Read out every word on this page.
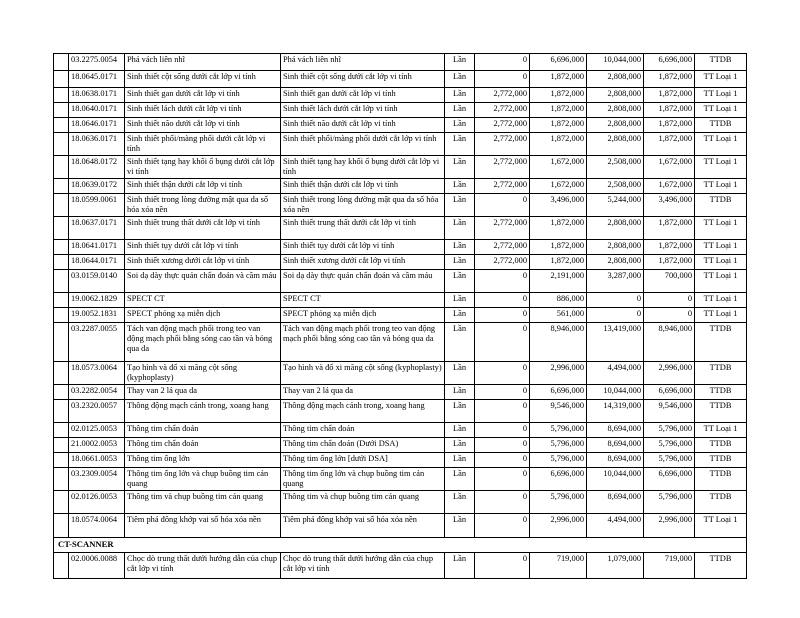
	03.2275.0054	Phá vách liên nhĩ	Phá vách liên nhĩ	Lần	0	6,696,000	10,044,000	6,696,000	TTDB
	18.0645.0171	Sinh thiết cột sống dưới cắt lớp vi tính	Sinh thiết cột sống dưới cắt lớp vi tính	Lần	0	1,872,000	2,808,000	1,872,000	TT Loại 1
	18.0638.0171	Sinh thiết gan dưới cắt lớp vi tính	Sinh thiết gan dưới cắt lớp vi tính	Lần	2,772,000	1,872,000	2,808,000	1,872,000	TT Loại 1
	18.0640.0171	Sinh thiết lách dưới cắt lớp vi tính	Sinh thiết lách dưới cắt lớp vi tính	Lần	2,772,000	1,872,000	2,808,000	1,872,000	TT Loại 1
	18.0646.0171	Sinh thiết não dưới cắt lớp vi tính	Sinh thiết não dưới cắt lớp vi tính	Lần	2,772,000	1,872,000	2,808,000	1,872,000	TTDB
	18.0636.0171	Sinh thiết phổi/màng phổi dưới cắt lớp vi tính	Sinh thiết phổi/màng phổi dưới cắt lớp vi tính	Lần	2,772,000	1,872,000	2,808,000	1,872,000	TT Loại 1
	18.0648.0172	Sinh thiết tạng hay khối ổ bụng dưới cắt lớp vi tính	Sinh thiết tạng hay khối ổ bụng dưới cắt lớp vi tính	Lần	2,772,000	1,672,000	2,508,000	1,672,000	TT Loại 1
	18.0639.0172	Sinh thiết thận dưới cắt lớp vi tính	Sinh thiết thận dưới cắt lớp vi tính	Lần	2,772,000	1,672,000	2,508,000	1,672,000	TT Loại 1
	18.0599.0061	Sinh thiết trong lòng đường mật qua da số hóa xóa nền	Sinh thiết trong lòng đường mật qua da số hóa xóa nền	Lần	0	3,496,000	5,244,000	3,496,000	TTDB
	18.0637.0171	Sinh thiết trung thất dưới cắt lớp vi tính	Sinh thiết trung thất dưới cắt lớp vi tính	Lần	2,772,000	1,872,000	2,808,000	1,872,000	TT Loại 1
	18.0641.0171	Sinh thiết tụy dưới cắt lớp vi tính	Sinh thiết tụy dưới cắt lớp vi tính	Lần	2,772,000	1,872,000	2,808,000	1,872,000	TT Loại 1
	18.0644.0171	Sinh thiết xương dưới cắt lớp vi tính	Sinh thiết xương dưới cắt lớp vi tính	Lần	2,772,000	1,872,000	2,808,000	1,872,000	TT Loại 1
	03.0159.0140	Soi dạ dày thực quản chẩn đoán và cầm máu	Soi dạ dày thực quản chẩn đoán và cầm máu	Lần	0	2,191,000	3,287,000	700,000	TT Loại 1
	19.0062.1829	SPECT CT	SPECT CT	Lần	0	886,000	0	0	TT Loại 1
	19.0052.1831	SPECT phóng xạ miễn dịch	SPECT phóng xạ miễn dịch	Lần	0	561,000	0	0	TT Loại 1
	03.2287.0055	Tách van động mạch phổi trong teo van động mạch phổi bằng sóng cao tần và bóng qua da	Tách van động mạch phổi trong teo van động mạch phổi bằng sóng cao tần và bóng qua da	Lần	0	8,946,000	13,419,000	8,946,000	TTDB
	18.0573.0064	Tạo hình và đổ xi măng cột sống (kyphoplasty)	Tạo hình và đổ xi măng cột sống (kyphoplasty)	Lần	0	2,996,000	4,494,000	2,996,000	TTDB
	03.2282.0054	Thay van 2 lá qua da	Thay van 2 lá qua da	Lần	0	6,696,000	10,044,000	6,696,000	TTDB
	03.2320.0057	Thông động mạch cảnh trong, xoang hang	Thông động mạch cảnh trong, xoang hang	Lần	0	9,546,000	14,319,000	9,546,000	TTDB
	02.0125.0053	Thông tim chẩn đoán	Thông tim chẩn đoán	Lần	0	5,796,000	8,694,000	5,796,000	TT Loại 1
	21.0002.0053	Thông tim chẩn đoán	Thông tim chẩn đoán (Dưới DSA)	Lần	0	5,796,000	8,694,000	5,796,000	TTDB
	18.0661.0053	Thông tim ống lớn	Thông tim ống lớn [dưới DSA]	Lần	0	5,796,000	8,694,000	5,796,000	TTDB
	03.2309.0054	Thông tim ống lớn và chụp buồng tim cản quang	Thông tim ống lớn và chụp buồng tim cản quang	Lần	0	6,696,000	10,044,000	6,696,000	TTDB
	02.0126.0053	Thông tim và chụp buồng tim cản quang	Thông tim và chụp buồng tim cản quang	Lần	0	5,796,000	8,694,000	5,796,000	TTDB
	18.0574.0064	Tiêm phá đông khớp vai số hóa xóa nền	Tiêm phá đông khớp vai số hóa xóa nền	Lần	0	2,996,000	4,494,000	2,996,000	TT Loại 1
CT-SCANNER									
	02.0006.0088	Chọc dò trung thất dưới hướng dẫn của chụp cắt lớp vi tính	Chọc dò trung thất dưới hướng dẫn của chụp cắt lớp vi tính	Lần	0	719,000	1,079,000	719,000	TTDB
